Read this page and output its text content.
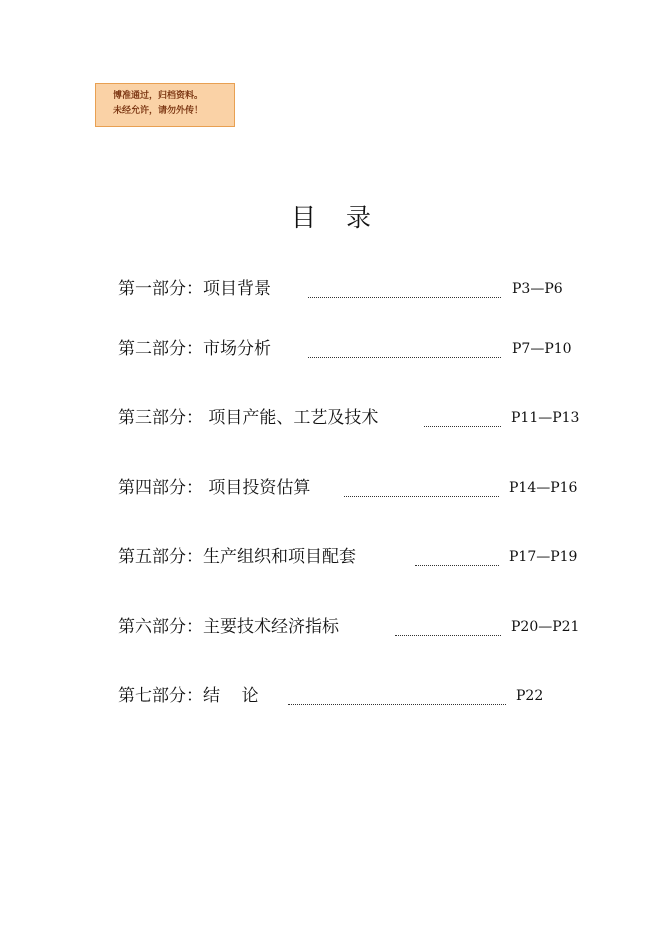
博准通过，归档资料。
未经允许，请勿外传！
目录
第一部分：项目背景	P3—P6
第二部分：市场分析	P7—P10
第三部分： 项目产能、工艺及技术	P11—P13
第四部分： 项目投资估算	P14—P16
第五部分：生产组织和项目配套	P17—P19
第六部分：主要技术经济指标	P20—P21
第七部分：结    论	P22
